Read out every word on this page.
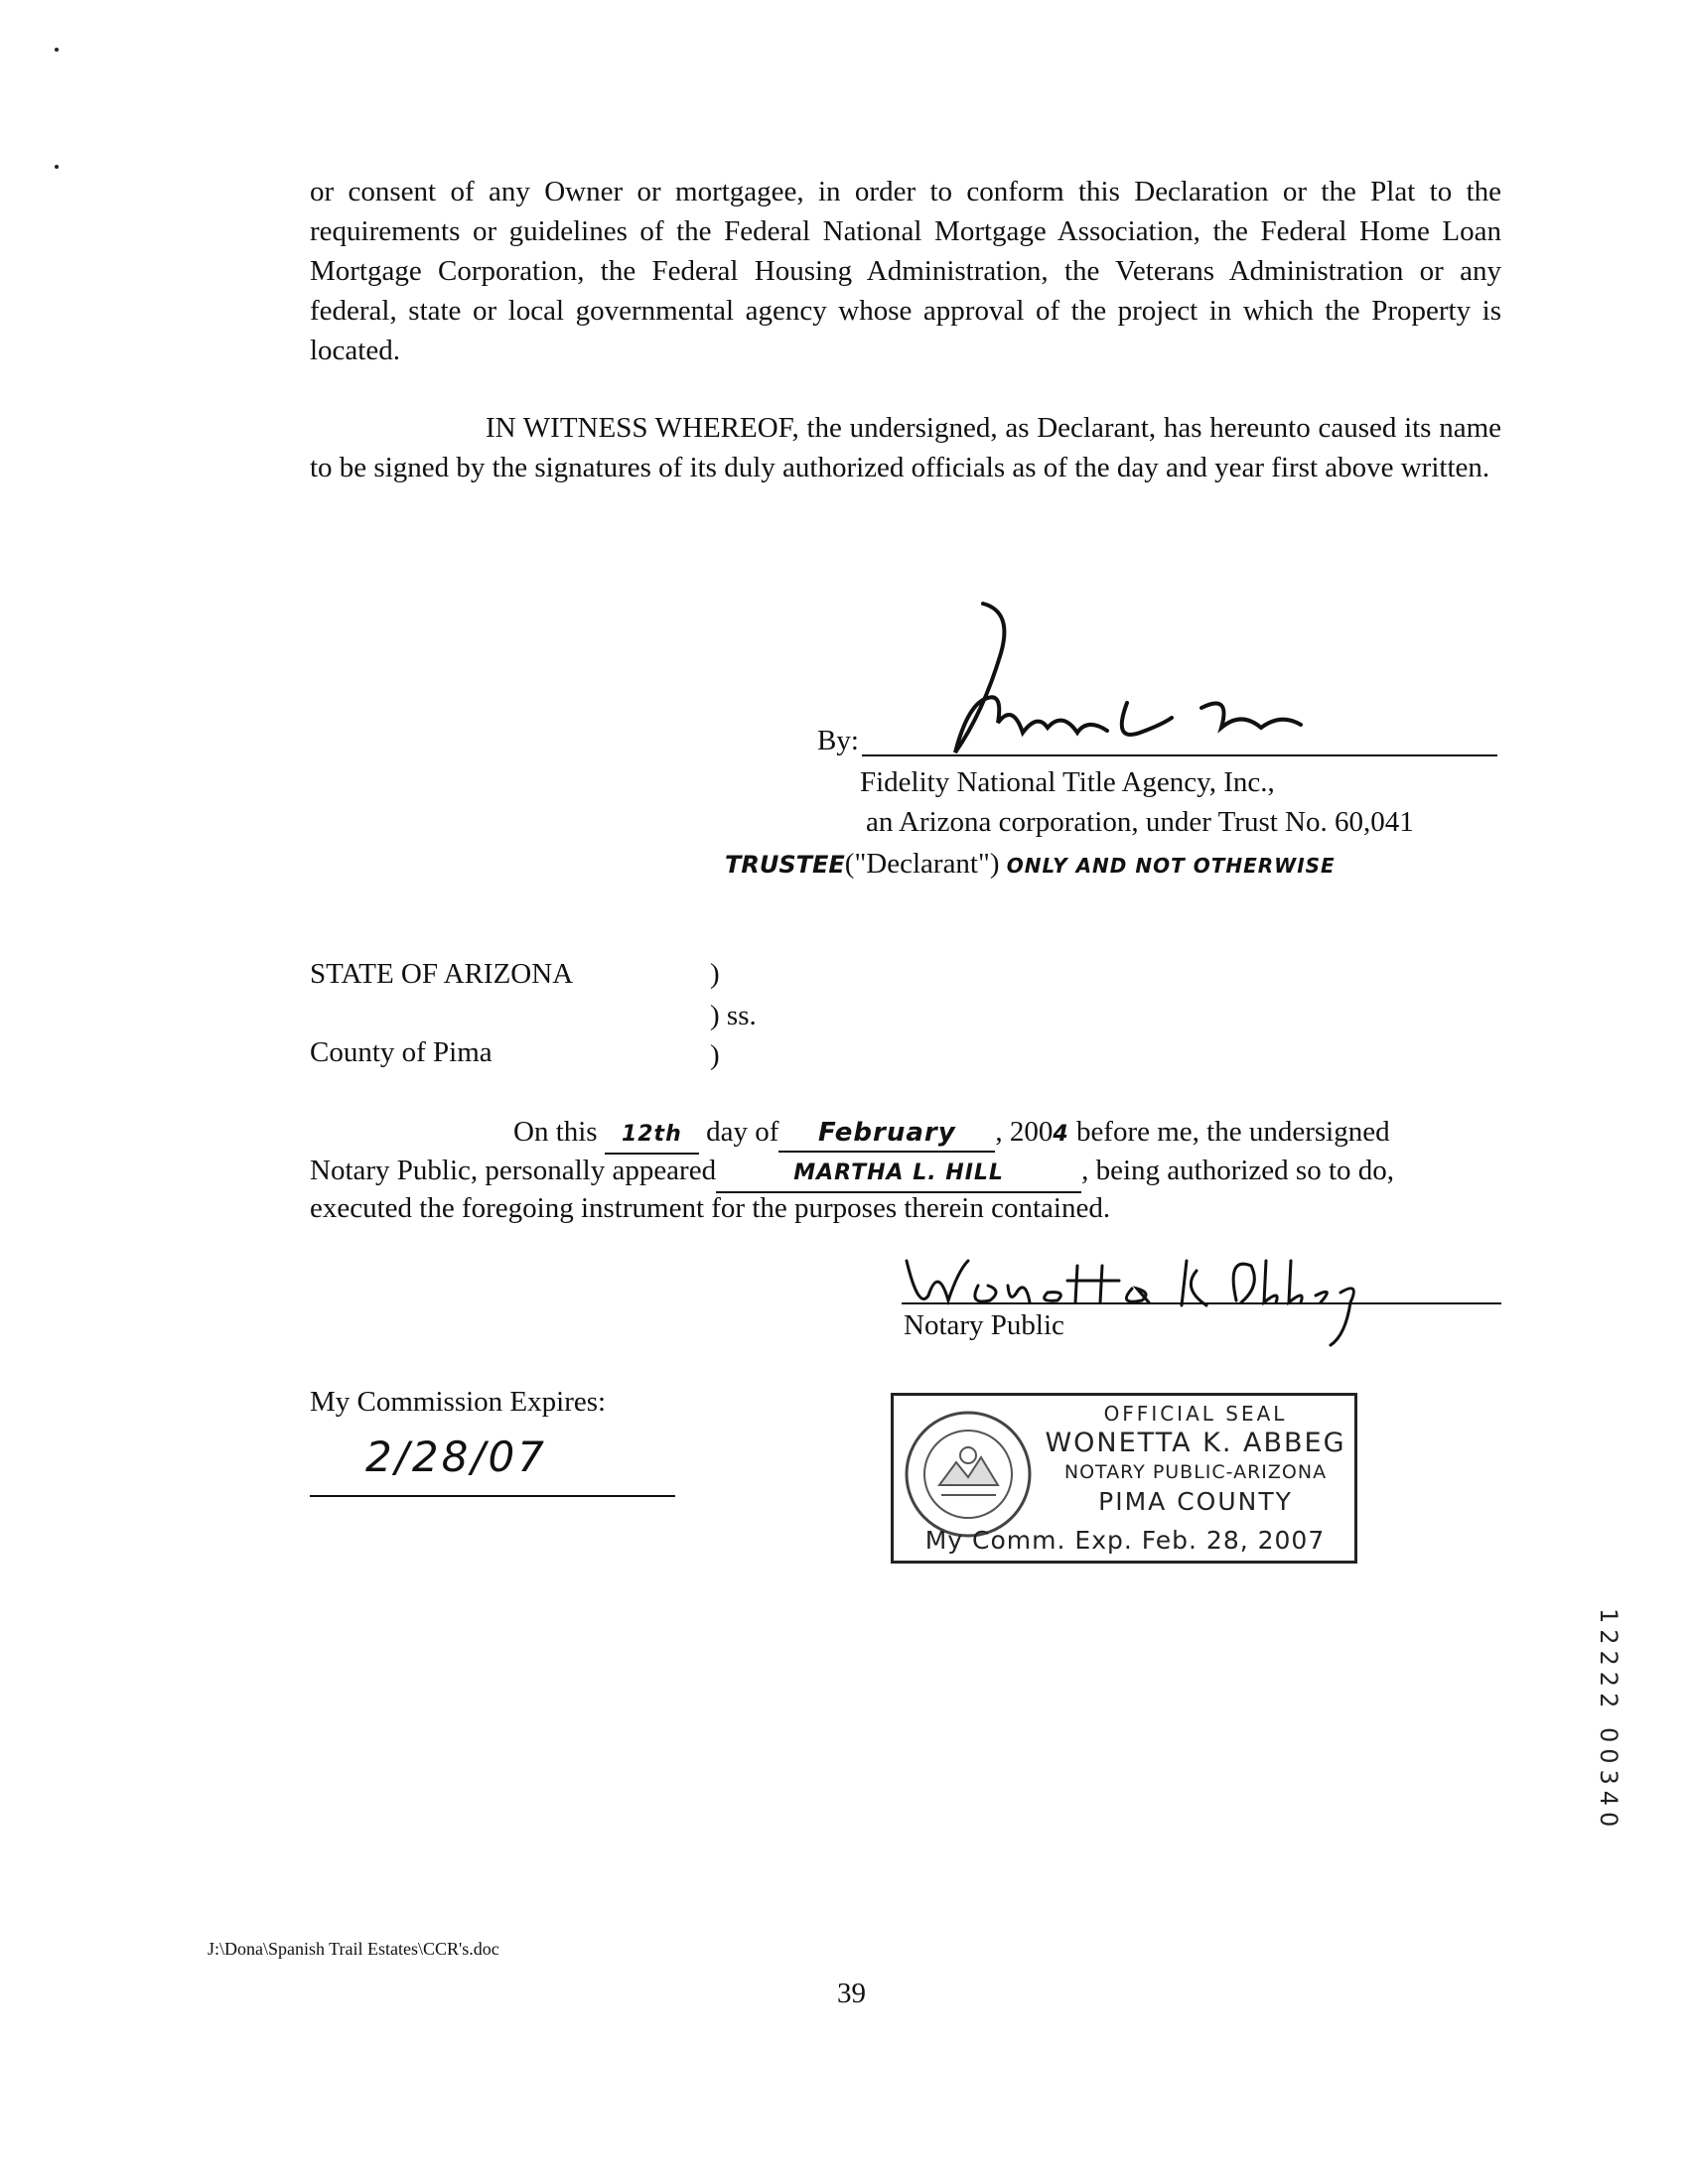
or consent of any Owner or mortgagee, in order to conform this Declaration or the Plat to the requirements or guidelines of the Federal National Mortgage Association, the Federal Home Loan Mortgage Corporation, the Federal Housing Administration, the Veterans Administration or any federal, state or local governmental agency whose approval of the project in which the Property is located.

IN WITNESS WHEREOF, the undersigned, as Declarant, has hereunto caused its name to be signed by the signatures of its duly authorized officials as of the day and year first above written.

By:
Fidelity National Title Agency, Inc.,
an Arizona corporation, under Trust No. 60,041
TRUSTEE("Declarant") ONLY AND NOT OTHERWISE
STATE OF ARIZONA	)
) ss.
County of Pima	)
On this 12th day of February , 2004 before me, the undersigned
Notary Public, personally appeared	MARTHA L. HILL	, being authorized so to do,
executed the foregoing instrument for the purposes therein contained.
Notary Public
My Commission Expires:
2/28/07
OFFICIAL SEAL
WONETTA K. ABBEG
NOTARY PUBLIC-ARIZONA
PIMA COUNTY
My Comm. Exp. Feb. 28, 2007
12222 00340
J:\Dona\Spanish Trail Estates\CCR's.doc
39
